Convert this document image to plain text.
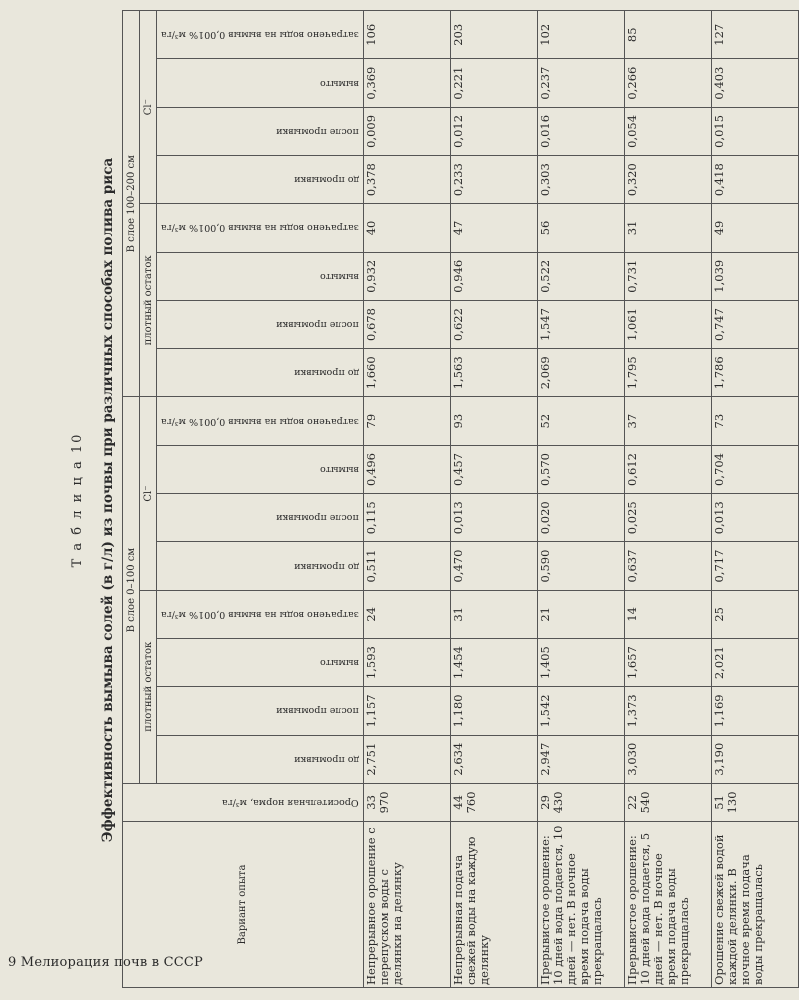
9 Мелиорация почв в СССР
Т а б л и ц а 10 Эффективность вымыва солей (в г/л) из почвы при различных способах полива риса
Вариант опыта	Оросительная норма, м³/га	В слое 0–100 см								В слое 100–200 см							
		плотный остаток				Cl⁻				плотный остаток				Cl⁻			

		до промывки	после промывки	вымыто	затрачено воды на вымыв 0,001% м³/га	до промывки	после промывки	вымыто	затрачено воды на вымыв 0,001% м³/га	до промывки	после промывки	вымыто	затрачено воды на вымыв 0,001% м³/га	до промывки	после промывки	вымыто	затрачено воды на вымыв 0,001% м³/га

Непрерывное орошение с перепуском воды с делянки на делянку	33 970	2,751	1,157	1,593	24	0,511	0,115	0,496	79	1,660	0,678	0,932	40	0,378	0,009	0,369	106
Непрерывная подача свежей воды на каждую делянку	44 760	2,634	1,180	1,454	31	0,470	0,013	0,457	93	1,563	0,622	0,946	47	0,233	0,012	0,221	203
Прерывистое орошение: 10 дней вода подается, 10 дней — нет. В ночное время подача воды прекращалась	29 430	2,947	1,542	1,405	21	0,590	0,020	0,570	52	2,069	1,547	0,522	56	0,303	0,016	0,237	102
Прерывистое орошение: 10 дней вода подается, 5 дней — нет. В ночное время подача воды прекращалась	22 540	3,030	1,373	1,657	14	0,637	0,025	0,612	37	1,795	1,061	0,731	31	0,320	0,054	0,266	85
Орошение свежей водой каждой делянки. В ночное время подача воды прекращалась	51 130	3,190	1,169	2,021	25	0,717	0,013	0,704	73	1,786	0,747	1,039	49	0,418	0,015	0,403	127
